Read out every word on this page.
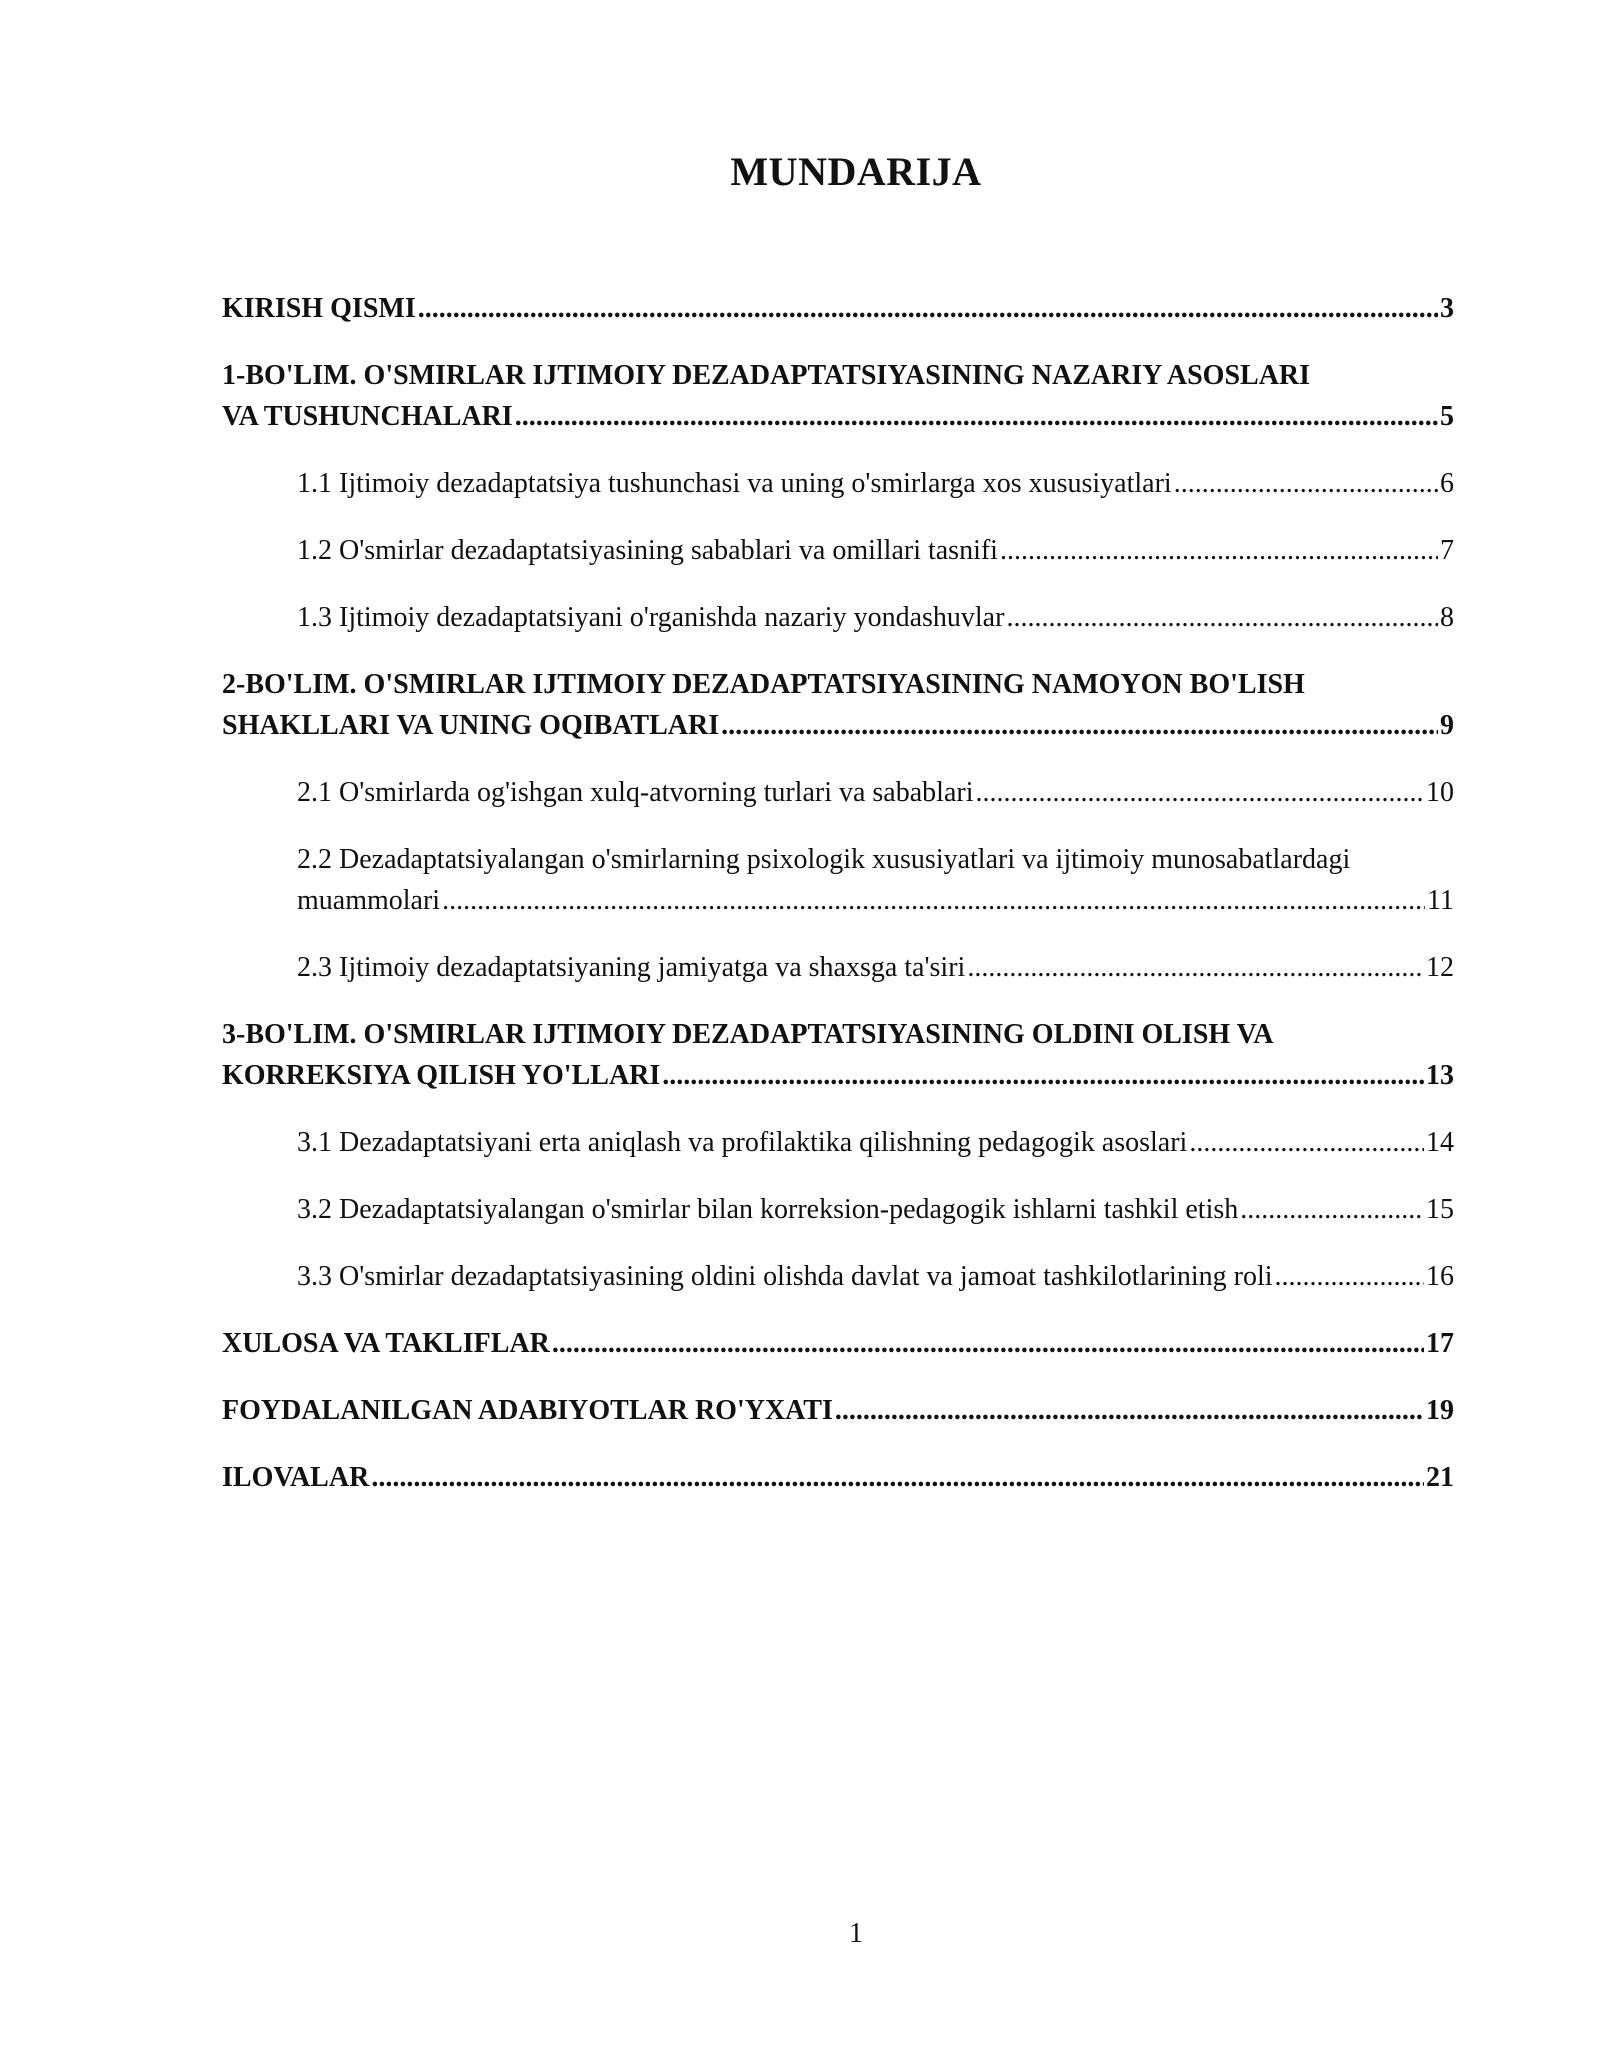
MUNDARIJA
KIRISH QISMI .....	3
1-BO'LIM. O'SMIRLAR IJTIMOIY DEZADAPTATSIYASINING NAZARIY ASOSLARI
VA TUSHUNCHALARI .....	5
1.1 Ijtimoiy dezadaptatsiya tushunchasi va uning o'smirlarga xos xususiyatlari .....	6
1.2 O'smirlar dezadaptatsiyasining sabablari va omillari tasnifi .....	7
1.3 Ijtimoiy dezadaptatsiyani o'rganishda nazariy yondashuvlar .....	8
2-BO'LIM. O'SMIRLAR IJTIMOIY DEZADAPTATSIYASINING NAMOYON BO'LISH
SHAKLLARI VA UNING OQIBATLARI .....	9
2.1 O'smirlarda og'ishgan xulq-atvorning turlari va sabablari .....	10
2.2 Dezadaptatsiyalangan o'smirlarning psixologik xususiyatlari va ijtimoiy munosabatlardagi
muammolari .....	11
2.3 Ijtimoiy dezadaptatsiyaning jamiyatga va shaxsga ta'siri .....	12
3-BO'LIM. O'SMIRLAR IJTIMOIY DEZADAPTATSIYASINING OLDINI OLISH VA
KORREKSIYA QILISH YO'LLARI .....	13
3.1 Dezadaptatsiyani erta aniqlash va profilaktika qilishning pedagogik asoslari .....	14
3.2 Dezadaptatsiyalangan o'smirlar bilan korreksion-pedagogik ishlarni tashkil etish .....	15
3.3 O'smirlar dezadaptatsiyasining oldini olishda davlat va jamoat tashkilotlarining roli .....	16
XULOSA VA TAKLIFLAR .....	17
FOYDALANILGAN ADABIYOTLAR RO'YXATI .....	19
ILOVALAR .....	21
1
